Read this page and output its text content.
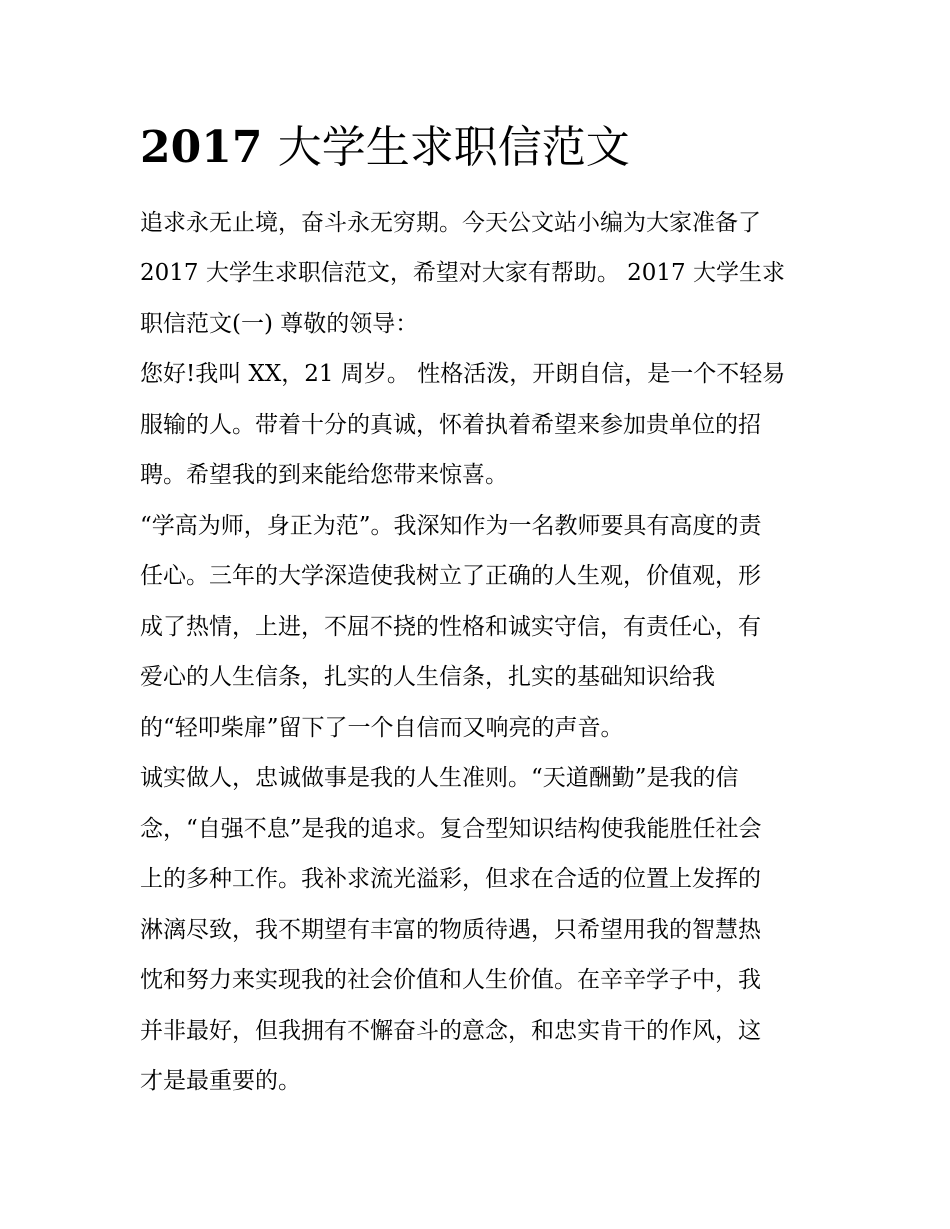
2017 大学生求职信范文

追求永无止境，奋斗永无穷期。今天公文站小编为大家准备了

2017 大学生求职信范文，希望对大家有帮助。 2017 大学生求

职信范文(一) 尊敬的领导：

您好!我叫 XX，21 周岁。 性格活泼，开朗自信，是一个不轻易

服输的人。带着十分的真诚，怀着执着希望来参加贵单位的招

聘。希望我的到来能给您带来惊喜。

“学高为师，身正为范”。我深知作为一名教师要具有高度的责

任心。三年的大学深造使我树立了正确的人生观，价值观，形

成了热情，上进，不屈不挠的性格和诚实守信，有责任心，有

爱心的人生信条，扎实的人生信条，扎实的基础知识给我

的“轻叩柴扉”留下了一个自信而又响亮的声音。

诚实做人，忠诚做事是我的人生准则。“天道酬勤”是我的信

念，“自强不息”是我的追求。复合型知识结构使我能胜任社会

上的多种工作。我补求流光溢彩，但求在合适的位置上发挥的

淋漓尽致，我不期望有丰富的物质待遇，只希望用我的智慧热

忱和努力来实现我的社会价值和人生价值。在辛辛学子中，我

并非最好，但我拥有不懈奋斗的意念，和忠实肯干的作风，这

才是最重要的。
